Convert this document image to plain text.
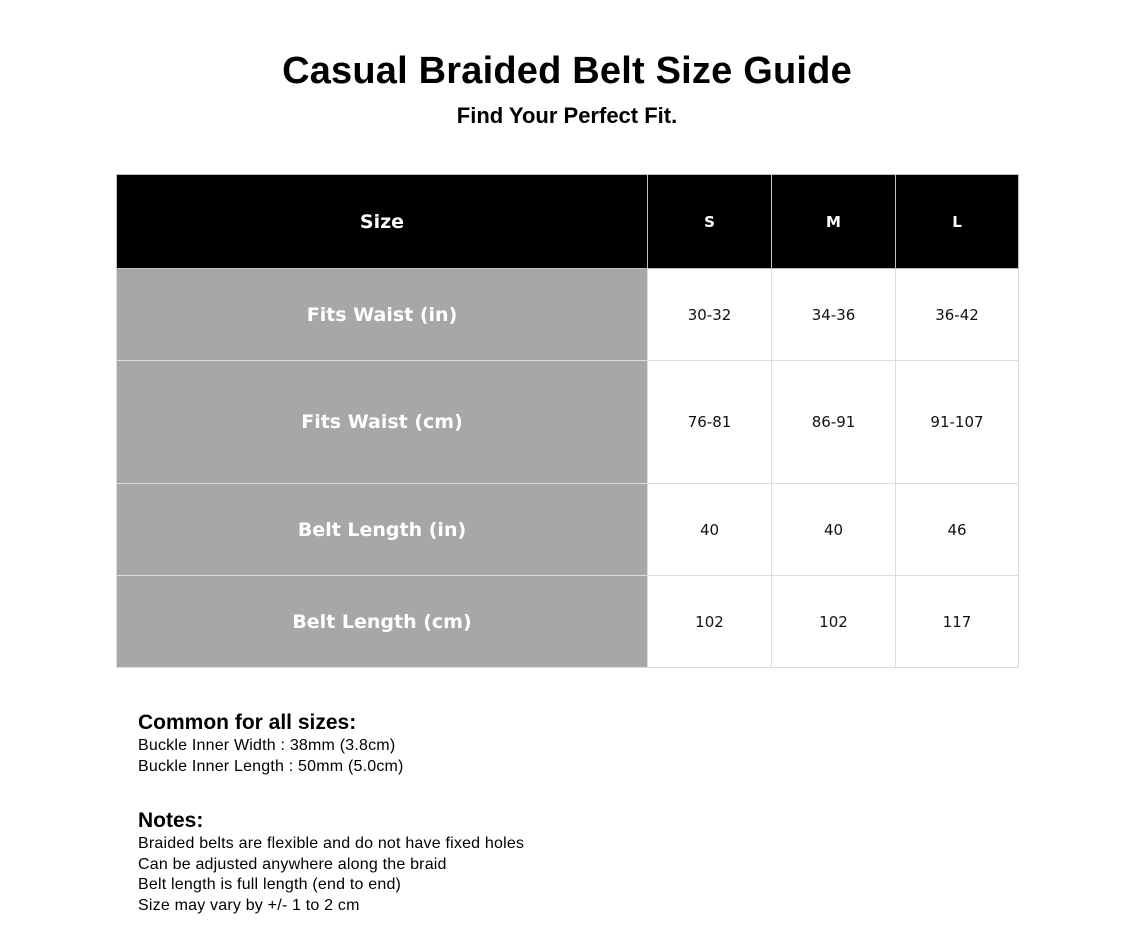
Casual Braided Belt Size Guide
Find Your Perfect Fit.
Size	S	M	L
Fits Waist (in)	30-32	34-36	36-42
Fits Waist (cm)	76-81	86-91	91-107
Belt Length (in)	40	40	46
Belt Length (cm)	102	102	117
Common for all sizes:
Buckle Inner Width : 38mm (3.8cm)
Buckle Inner Length : 50mm (5.0cm)
Notes:
Braided belts are flexible and do not have fixed holes
Can be adjusted anywhere along the braid
Belt length is full length (end to end)
Size may vary by +/- 1 to 2 cm
